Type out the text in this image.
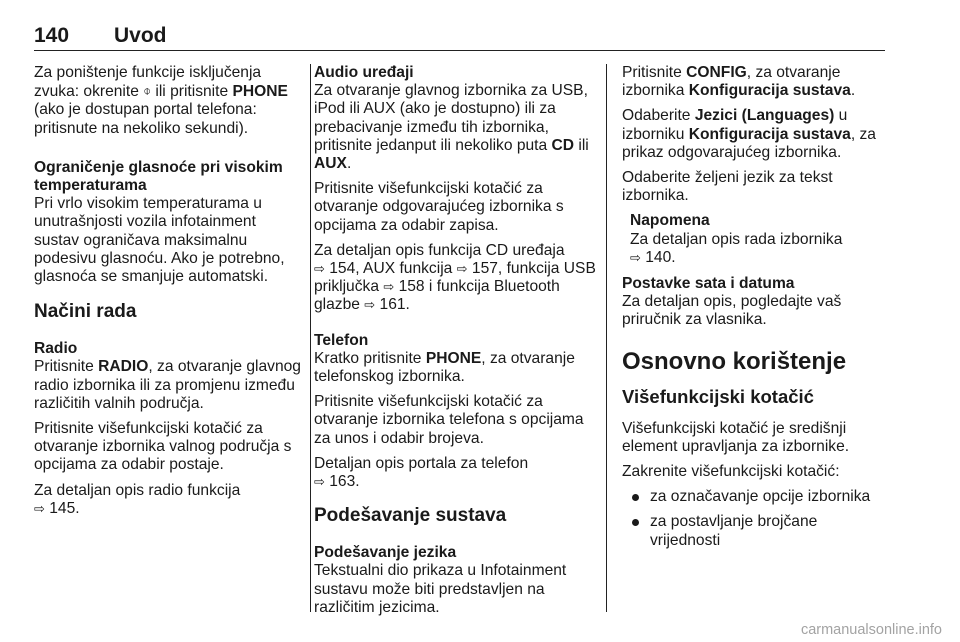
140 Uvod

Za poništenje funkcije isključenja zvuka: okrenite ⌽ ili pritisnite PHONE (ako je dostupan portal telefona: pritisnute na nekoliko sekundi).

Ograničenje glasnoće pri visokim temperaturama

Pri vrlo visokim temperaturama u unutrašnjosti vozila infotainment sustav ograničava maksimalnu podesivu glasnoću. Ako je potrebno, glasnoća se smanjuje automatski.

Načini rada
Radio

Pritisnite RADIO, za otvaranje glavnog radio izbornika ili za promjenu između različitih valnih područja.

Pritisnite višefunkcijski kotačić za otvaranje izbornika valnog područja s opcijama za odabir postaje.

Za detaljan opis radio funkcija
⇨ 145.

Audio uređaji

Za otvaranje glavnog izbornika za USB, iPod ili AUX (ako je dostupno) ili za prebacivanje između tih izbornika, pritisnite jedanput ili nekoliko puta CD ili AUX.

Pritisnite višefunkcijski kotačić za otvaranje odgovarajućeg izbornika s opcijama za odabir zapisa.

Za detaljan opis funkcija CD uređaja
⇨ 154, AUX funkcija ⇨ 157, funkcija USB priključka ⇨ 158 i funkcija Bluetooth glazbe ⇨ 161.

Telefon

Kratko pritisnite PHONE, za otvaranje telefonskog izbornika.

Pritisnite višefunkcijski kotačić za otvaranje izbornika telefona s opcijama za unos i odabir brojeva.

Detaljan opis portala za telefon
⇨ 163.

Podešavanje sustava
Podešavanje jezika

Tekstualni dio prikaza u Infotainment sustavu može biti predstavljen na različitim jezicima.

Pritisnite CONFIG, za otvaranje izbornika Konfiguracija sustava.

Odaberite Jezici (Languages) u izborniku Konfiguracija sustava, za prikaz odgovarajućeg izbornika.

Odaberite željeni jezik za tekst izbornika.

Napomena
Za detaljan opis rada izbornika
⇨ 140.
Postavke sata i datuma

Za detaljan opis, pogledajte vaš priručnik za vlasnika.

Osnovno korištenje
Višefunkcijski kotačić

Višefunkcijski kotačić je središnji element upravljanja za izbornike.

Zakrenite višefunkcijski kotačić:

za označavanje opcije izbornika
za postavljanje brojčane vrijednosti
carmanualsonline.info
